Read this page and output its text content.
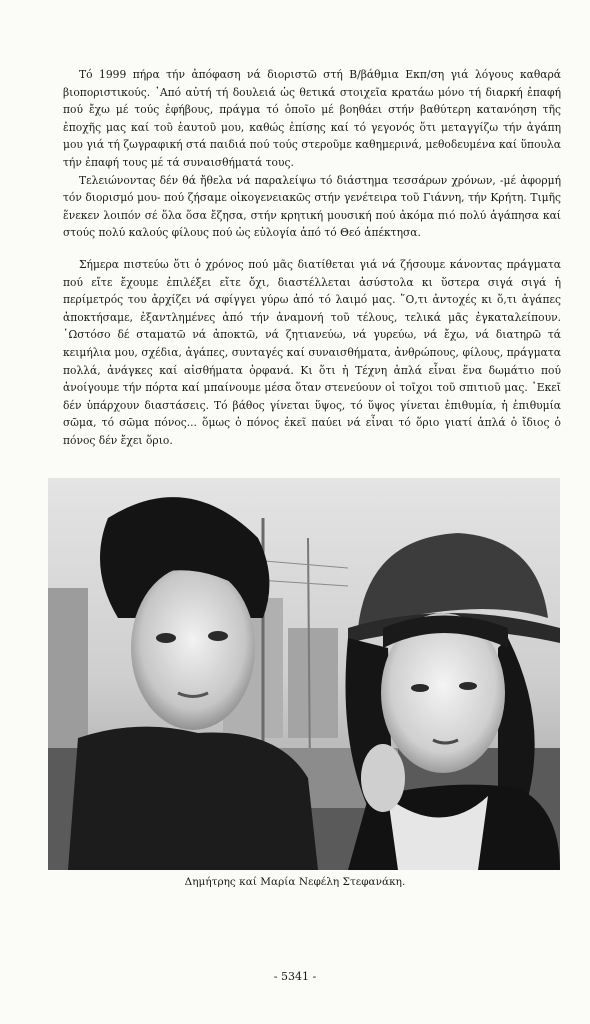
Τό 1999 πήρα τήν ἀπόφαση νά διοριστῶ στή Β/βάθμια Εκπ/ση γιά λόγους καθαρά βιοποριστικούς. ᾿Από αὐτή τή δουλειά ὡς θετικά στοιχεῖα κρατάω μόνο τή διαρκή ἐπαφή πού ἔχω μέ τούς ἐφήβους, πράγμα τό ὁποῖο μέ βοηθάει στήν βαθύτερη κατανόηση τῆς ἐποχῆς μας καί τοῦ ἑαυτοῦ μου, καθώς ἐπίσης καί τό γεγονός ὅτι μεταγγίζω τήν ἀγάπη μου γιά τή ζωγραφική στά παιδιά πού τούς στεροῦμε καθημερινά, μεθοδευμένα καί ὕπουλα τήν ἐπαφή τους μέ τά συναισθήματά τους.

Τελειώνοντας δέν θά ἤθελα νά παραλείψω τό διάστημα τεσσάρων χρόνων, -μέ ἀφορμή τόν διορισμό μου- πού ζήσαμε οἰκογενειακῶς στήν γενέτειρα τοῦ Γιάννη, τήν Κρήτη. Τιμῆς ἕνεκεν λοιπόν σέ ὅλα ὅσα ἔζησα, στήν κρητική μουσική πού ἀκόμα πιό πολύ ἀγάπησα καί στούς πολύ καλούς φίλους πού ὡς εὐλογία ἀπό τό Θεό ἀπέκτησα.

Σήμερα πιστεύω ὅτι ὁ χρόνος πού μᾶς διατίθεται γιά νά ζήσουμε κάνοντας πράγματα πού εἴτε ἔχουμε ἐπιλέξει εἴτε ὄχι, διαστέλλεται ἀσύστολα κι ὕστερα σιγά σιγά ἡ περίμετρός του ἀρχίζει νά σφίγγει γύρω ἀπό τό λαιμό μας. ῞Ο,τι ἀντοχές κι ὅ,τι ἀγάπες ἀποκτήσαμε, ἐξαντλημένες ἀπό τήν ἀναμονή τοῦ τέλους, τελικά μᾶς ἐγκαταλείπουν. ῾Ωστόσο δέ σταματῶ νά ἀποκτῶ, νά ζητιανεύω, νά γυρεύω, νά ἔχω, νά διατηρῶ τά κειμήλια μου, σχέδια, ἀγάπες, συνταγές καί συναισθήματα, ἀνθρώπους, φίλους, πράγματα πολλά, ἀνάγκες καί αἰσθήματα ὀρφανά. Κι ὅτι ἡ Τέχνη ἁπλά εἶναι ἕνα δωμάτιο πού ἀνοίγουμε τήν πόρτα καί μπαίνουμε μέσα ὅταν στενεύουν οἱ τοῖχοι τοῦ σπιτιοῦ μας. ᾿Εκεῖ δέν ὑπάρχουν διαστάσεις. Τό βάθος γίνεται ὕψος, τό ὕψος γίνεται ἐπιθυμία, ἡ ἐπιθυμία σῶμα, τό σῶμα πόνος... ὅμως ὁ πόνος ἐκεῖ παύει νά εἶναι τό ὅριο γιατί ἁπλά ὁ ἴδιος ὁ πόνος δέν ἔχει ὅριο.

Δημήτρης καί Μαρία Νεφέλη Στεφανάκη.
- 5341 -
